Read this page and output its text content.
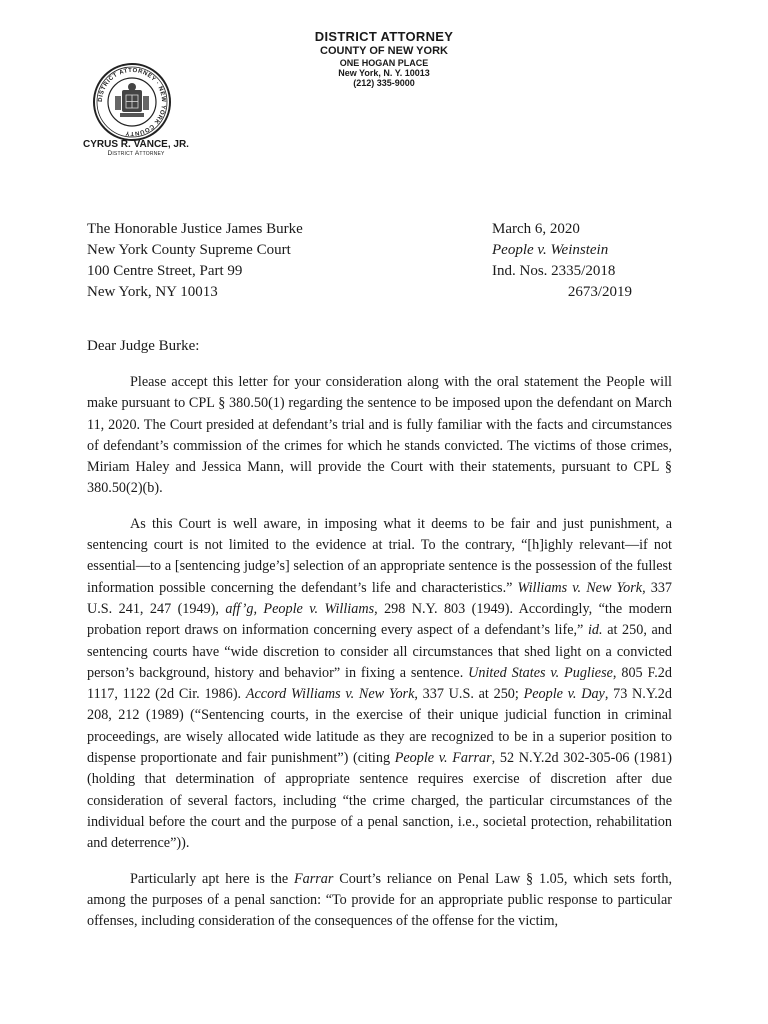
DISTRICT ATTORNEY
COUNTY OF NEW YORK
ONE HOGAN PLACE
New York, N. Y. 10013
(212) 335-9000
DISTRICT ATTORNEY · NEW YORK COUNTY
CYRUS R. VANCE, JR.
District Attorney
The Honorable Justice James Burke
New York County Supreme Court
100 Centre Street, Part 99
New York, NY 10013
March 6, 2020
People v. Weinstein
Ind. Nos. 2335/2018
2673/2019
Dear Judge Burke:

Please accept this letter for your consideration along with the oral statement the People will make pursuant to CPL § 380.50(1) regarding the sentence to be imposed upon the defendant on March 11, 2020. The Court presided at defendant’s trial and is fully familiar with the facts and circumstances of defendant’s commission of the crimes for which he stands convicted. The victims of those crimes, Miriam Haley and Jessica Mann, will provide the Court with their statements, pursuant to CPL § 380.50(2)(b).

As this Court is well aware, in imposing what it deems to be fair and just punishment, a sentencing court is not limited to the evidence at trial. To the contrary, “[h]ighly relevant—if not essential—to a [sentencing judge’s] selection of an appropriate sentence is the possession of the fullest information possible concerning the defendant’s life and characteristics.” Williams v. New York, 337 U.S. 241, 247 (1949), aff’g, People v. Williams, 298 N.Y. 803 (1949). Accordingly, “the modern probation report draws on information concerning every aspect of a defendant’s life,” id. at 250, and sentencing courts have “wide discretion to consider all circumstances that shed light on a convicted person’s background, history and behavior” in fixing a sentence. United States v. Pugliese, 805 F.2d 1117, 1122 (2d Cir. 1986). Accord Williams v. New York, 337 U.S. at 250; People v. Day, 73 N.Y.2d 208, 212 (1989) (“Sentencing courts, in the exercise of their unique judicial function in criminal proceedings, are wisely allocated wide latitude as they are recognized to be in a superior position to dispense proportionate and fair punishment”) (citing People v. Farrar, 52 N.Y.2d 302-305-06 (1981) (holding that determination of appropriate sentence requires exercise of discretion after due consideration of several factors, including “the crime charged, the particular circumstances of the individual before the court and the purpose of a penal sanction, i.e., societal protection, rehabilitation and deterrence”)).

Particularly apt here is the Farrar Court’s reliance on Penal Law § 1.05, which sets forth, among the purposes of a penal sanction: “To provide for an appropriate public response to particular offenses, including consideration of the consequences of the offense for the victim,
